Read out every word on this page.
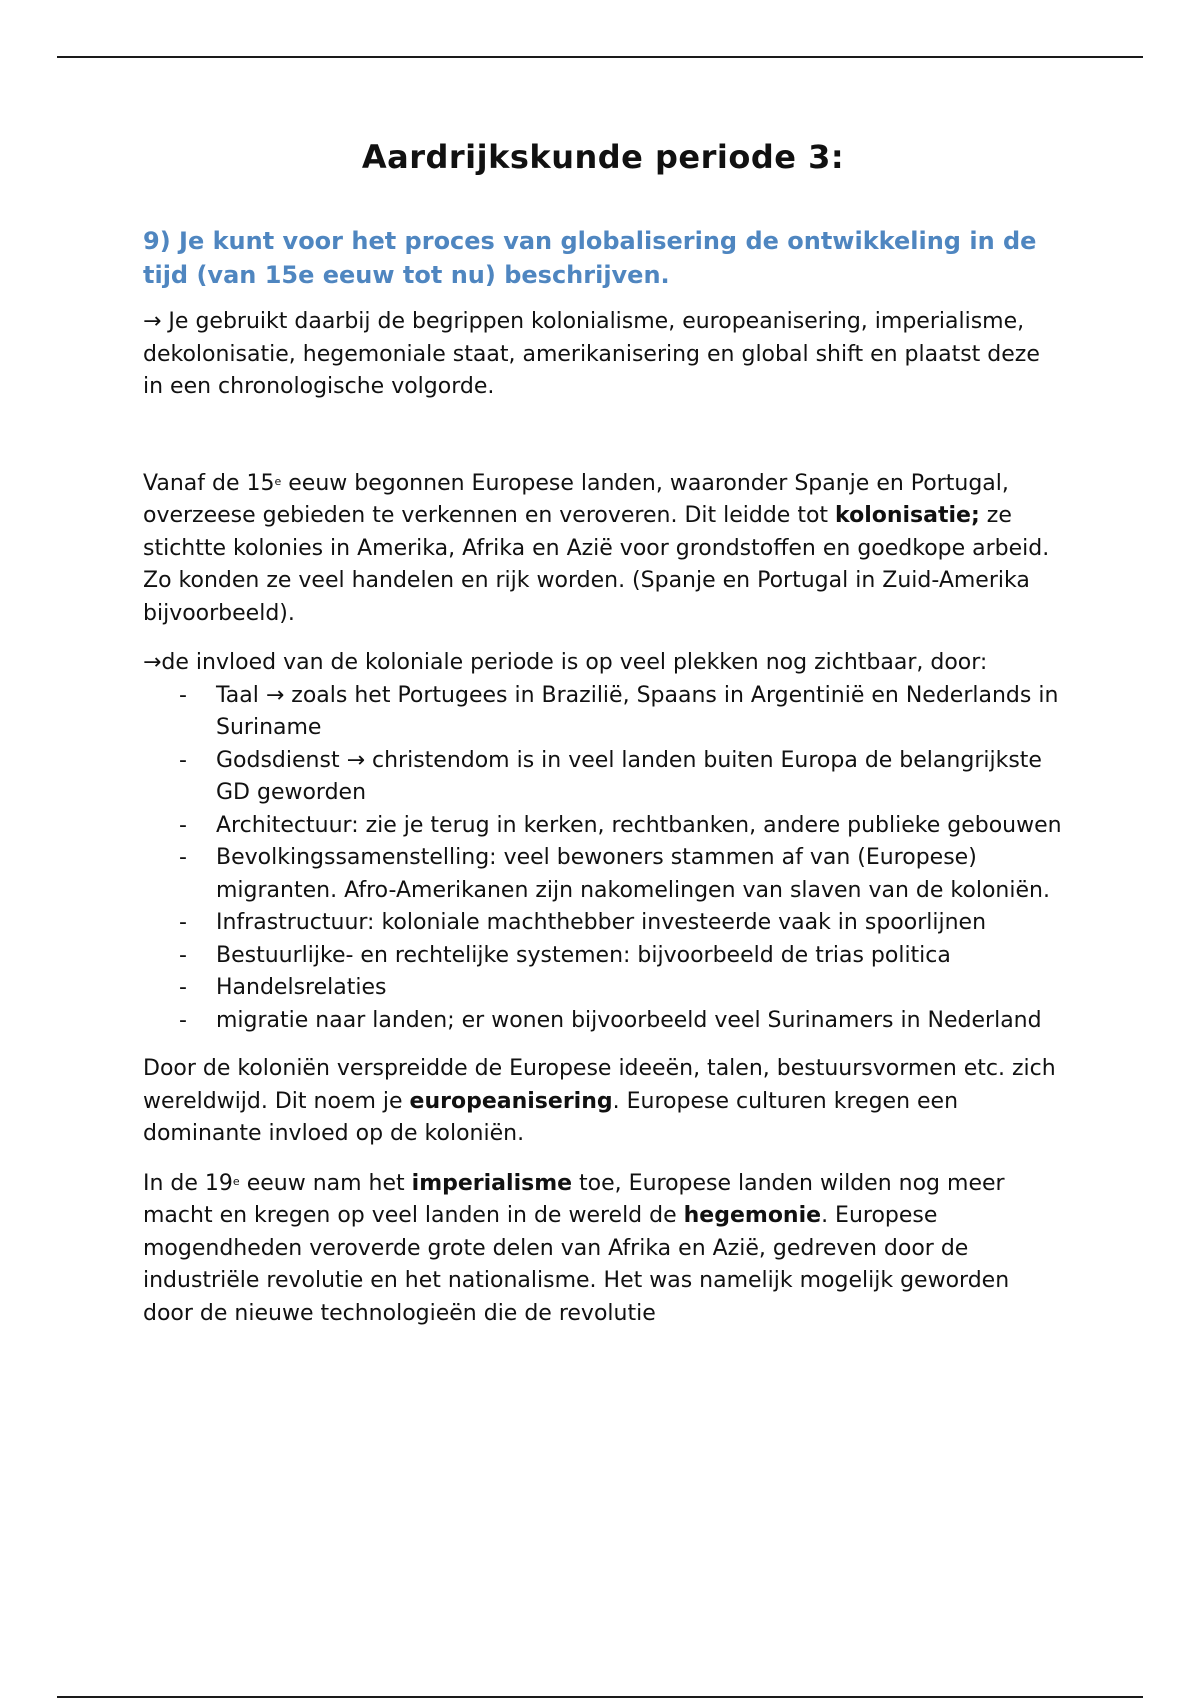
Aardrijkskunde periode 3:
9) Je kunt voor het proces van globalisering de ontwikkeling in de tijd (van 15e eeuw tot nu) beschrijven.

→ Je gebruikt daarbij de begrippen kolonialisme, europeanisering, imperialisme, dekolonisatie, hegemoniale staat, amerikanisering en global shift en plaatst deze in een chronologische volgorde.

Vanaf de 15e eeuw begonnen Europese landen, waaronder Spanje en Portugal, overzeese gebieden te verkennen en veroveren. Dit leidde tot kolonisatie; ze stichtte kolonies in Amerika, Afrika en Azië voor grondstoffen en goedkope arbeid. Zo konden ze veel handelen en rijk worden. (Spanje en Portugal in Zuid-Amerika bijvoorbeeld).

→de invloed van de koloniale periode is op veel plekken nog zichtbaar, door:

- Taal → zoals het Portugees in Brazilië, Spaans in Argentinië en Nederlands in Suriname
- Godsdienst → christendom is in veel landen buiten Europa de belangrijkste GD geworden
- Architectuur: zie je terug in kerken, rechtbanken, andere publieke gebouwen
- Bevolkingssamenstelling: veel bewoners stammen af van (Europese) migranten. Afro-Amerikanen zijn nakomelingen van slaven van de koloniën.
- Infrastructuur: koloniale machthebber investeerde vaak in spoorlijnen
- Bestuurlijke- en rechtelijke systemen: bijvoorbeeld de trias politica
- Handelsrelaties
- migratie naar landen; er wonen bijvoorbeeld veel Surinamers in Nederland

Door de koloniën verspreidde de Europese ideeën, talen, bestuursvormen etc. zich wereldwijd. Dit noem je europeanisering. Europese culturen kregen een dominante invloed op de koloniën.

In de 19e eeuw nam het imperialisme toe, Europese landen wilden nog meer macht en kregen op veel landen in de wereld de hegemonie. Europese mogendheden veroverde grote delen van Afrika en Azië, gedreven door de industriële revolutie en het nationalisme. Het was namelijk mogelijk geworden door de nieuwe technologieën die de revolutie
